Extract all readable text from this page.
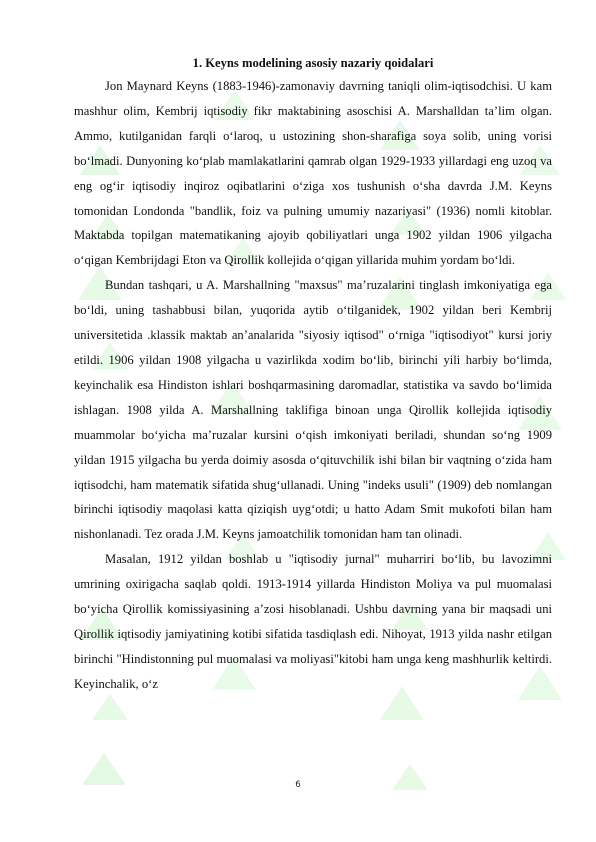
1. Keyns modelining asosiy nazariy qoidalari

Jon Maynard Keyns (1883-1946)-zamonaviy davrning taniqli olim-iqtisodchisi. U kam mashhur olim, Kembrij iqtisodiy fikr maktabining asoschisi A. Marshalldan ta’lim olgan. Ammo, kutilganidan farqli o‘laroq, u ustozining shon-sharafiga soya solib, uning vorisi bo‘lmadi. Dunyoning ko‘plab mamlakatlarini qamrab olgan 1929-1933 yillardagi eng uzoq va eng og‘ir iqtisodiy inqiroz oqibatlarini o‘ziga xos tushunish o‘sha davrda J.M. Keyns tomonidan Londonda "bandlik, foiz va pulning umumiy nazariyasi" (1936) nomli kitoblar. Maktabda topilgan matematikaning ajoyib qobiliyatlari unga 1902 yildan 1906 yilgacha o‘qigan Kembrijdagi Eton va Qirollik kollejida o‘qigan yillarida muhim yordam bo‘ldi.

Bundan tashqari, u A. Marshallning "maxsus" ma’ruzalarini tinglash imkoniyatiga ega bo‘ldi, uning tashabbusi bilan, yuqorida aytib o‘tilganidek, 1902 yildan beri Kembrij universitetida .klassik maktab an’analarida "siyosiy iqtisod" o‘rniga "iqtisodiyot" kursi joriy etildi. 1906 yildan 1908 yilgacha u vazirlikda xodim bo‘lib, birinchi yili harbiy bo‘limda, keyinchalik esa Hindiston ishlari boshqarmasining daromadlar, statistika va savdo bo‘limida ishlagan. 1908 yilda A. Marshallning taklifiga binoan unga Qirollik kollejida iqtisodiy muammolar bo‘yicha ma’ruzalar kursini o‘qish imkoniyati beriladi, shundan so‘ng 1909 yildan 1915 yilgacha bu yerda doimiy asosda o‘qituvchilik ishi bilan bir vaqtning o‘zida ham iqtisodchi, ham matematik sifatida shug‘ullanadi. Uning "indeks usuli" (1909) deb nomlangan birinchi iqtisodiy maqolasi katta qiziqish uyg‘otdi; u hatto Adam Smit mukofoti bilan ham nishonlanadi. Tez orada J.M. Keyns jamoatchilik tomonidan ham tan olinadi.

Masalan, 1912 yildan boshlab u "iqtisodiy jurnal" muharriri bo‘lib, bu lavozimni umrining oxirigacha saqlab qoldi. 1913-1914 yillarda Hindiston Moliya va pul muomalasi bo‘yicha Qirollik komissiyasining a’zosi hisoblanadi. Ushbu davrning yana bir maqsadi uni Qirollik iqtisodiy jamiyatining kotibi sifatida tasdiqlash edi. Nihoyat, 1913 yilda nashr etilgan birinchi "Hindistonning pul muomalasi va moliyasi"kitobi ham unga keng mashhurlik keltirdi. Keyinchalik, o‘z

6
